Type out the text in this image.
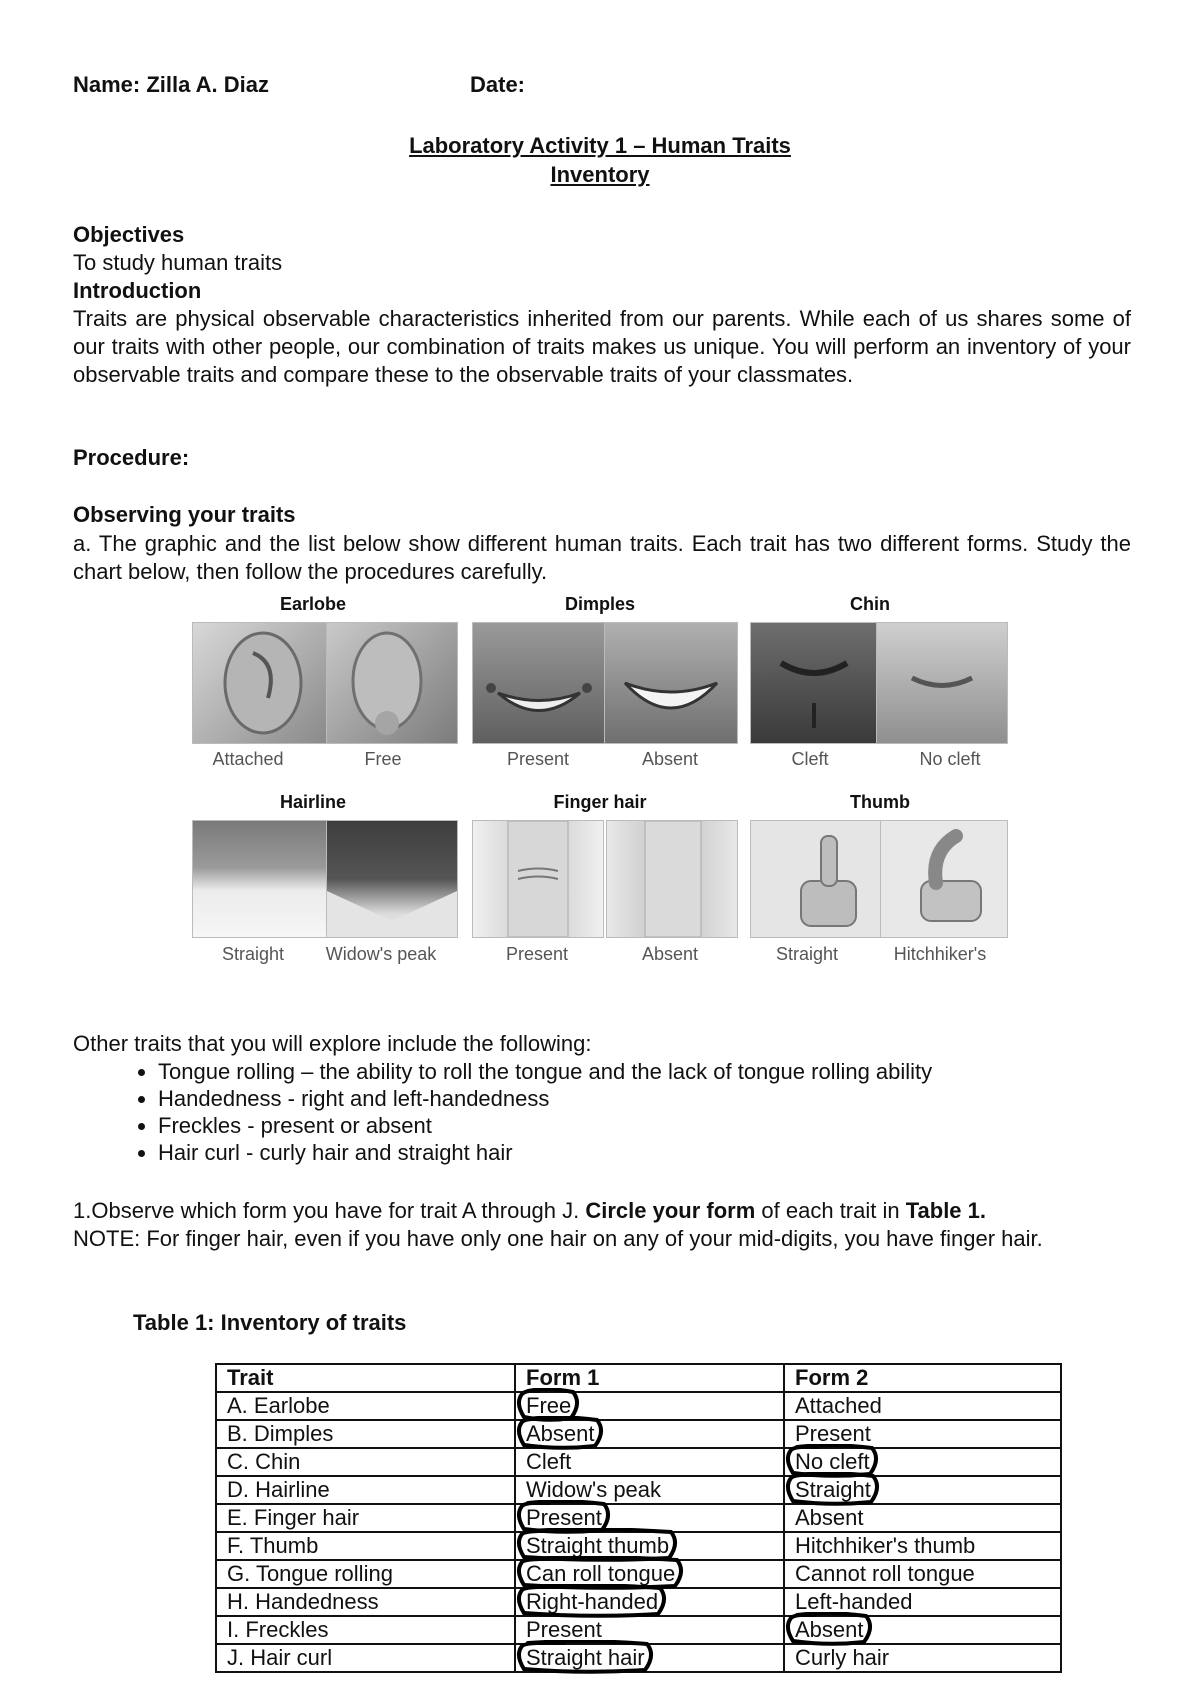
Name: Zilla A. Diaz	Date:
Laboratory Activity 1 – Human Traits
Inventory
Objectives
To study human traits
Introduction
Traits are physical observable characteristics inherited from our parents. While each of us shares some of our traits with other people, our combination of traits makes us unique. You will perform an inventory of your observable traits and compare these to the observable traits of your classmates.
Procedure:
Observing your traits
a. The graphic and the list below show different human traits. Each trait has two different forms. Study the chart below, then follow the procedures carefully.
Earlobe	Dimples	Chin
Attached	Free	Present	Absent	Cleft	No cleft
Hairline	Finger hair	Thumb
Straight	Widow's peak	Present	Absent	Straight	Hitchhiker's
Other traits that you will explore include the following:
• Tongue rolling – the ability to roll the tongue and the lack of tongue rolling ability
• Handedness - right and left-handedness
• Freckles - present or absent
• Hair curl - curly hair and straight hair
1.Observe which form you have for trait A through J. Circle your form of each trait in Table 1.
NOTE: For finger hair, even if you have only one hair on any of your mid-digits, you have finger hair.
Table 1: Inventory of traits
Trait	Form 1	Form 2
A. Earlobe	Free	Attached
B. Dimples	Absent	Present
C. Chin	Cleft	No cleft

D. Hairline	Widow's peak	Straight

E. Finger hair	Present	Absent
F. Thumb	Straight thumb	Hitchhiker's thumb
G. Tongue rolling	Can roll tongue	Cannot roll tongue
H. Handedness	Right-handed	Left-handed
I. Freckles	Present	Absent

J. Hair curl	Straight hair	Curly hair
